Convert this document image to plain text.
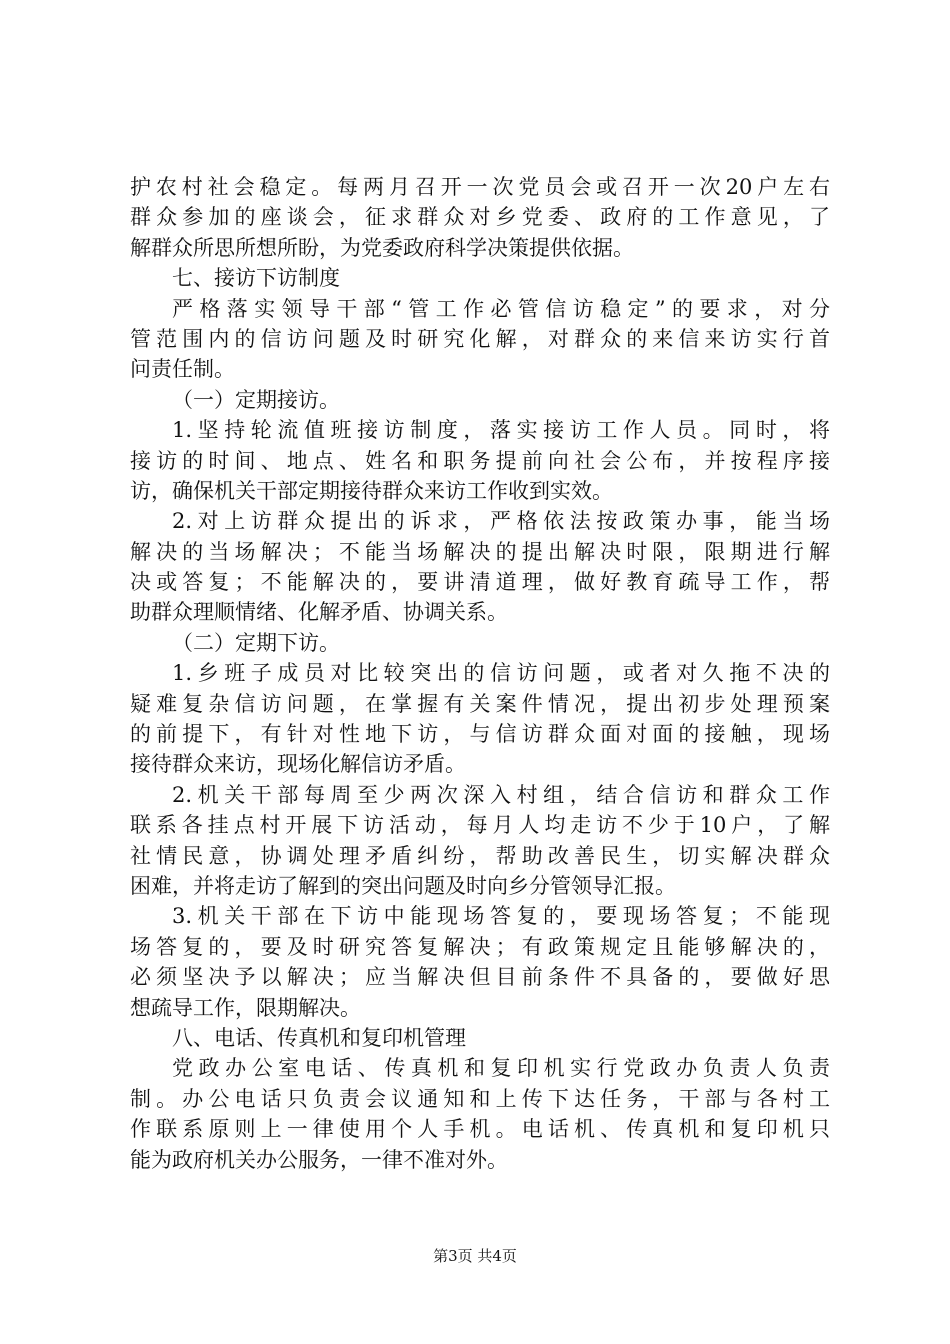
护农村社会稳定。每两月召开一次党员会或召开一次20户左右
群众参加的座谈会，征求群众对乡党委、政府的工作意见，了
解群众所思所想所盼，为党委政府科学决策提供依据。
七、接访下访制度
严格落实领导干部“管工作必管信访稳定”的要求，对分
管范围内的信访问题及时研究化解，对群众的来信来访实行首
问责任制。
（一）定期接访。
1.坚持轮流值班接访制度，落实接访工作人员。同时，将
接访的时间、地点、姓名和职务提前向社会公布，并按程序接
访，确保机关干部定期接待群众来访工作收到实效。
2.对上访群众提出的诉求，严格依法按政策办事，能当场
解决的当场解决；不能当场解决的提出解决时限，限期进行解
决或答复；不能解决的，要讲清道理，做好教育疏导工作，帮
助群众理顺情绪、化解矛盾、协调关系。
（二）定期下访。
1.乡班子成员对比较突出的信访问题，或者对久拖不决的
疑难复杂信访问题，在掌握有关案件情况，提出初步处理预案
的前提下，有针对性地下访，与信访群众面对面的接触，现场
接待群众来访，现场化解信访矛盾。
2.机关干部每周至少两次深入村组，结合信访和群众工作
联系各挂点村开展下访活动，每月人均走访不少于10户，了解
社情民意，协调处理矛盾纠纷，帮助改善民生，切实解决群众
困难，并将走访了解到的突出问题及时向乡分管领导汇报。
3.机关干部在下访中能现场答复的，要现场答复；不能现
场答复的，要及时研究答复解决；有政策规定且能够解决的，
必须坚决予以解决；应当解决但目前条件不具备的，要做好思
想疏导工作，限期解决。
八、电话、传真机和复印机管理
党政办公室电话、传真机和复印机实行党政办负责人负责
制。办公电话只负责会议通知和上传下达任务，干部与各村工
作联系原则上一律使用个人手机。电话机、传真机和复印机只
能为政府机关办公服务，一律不准对外。
第3页 共4页
